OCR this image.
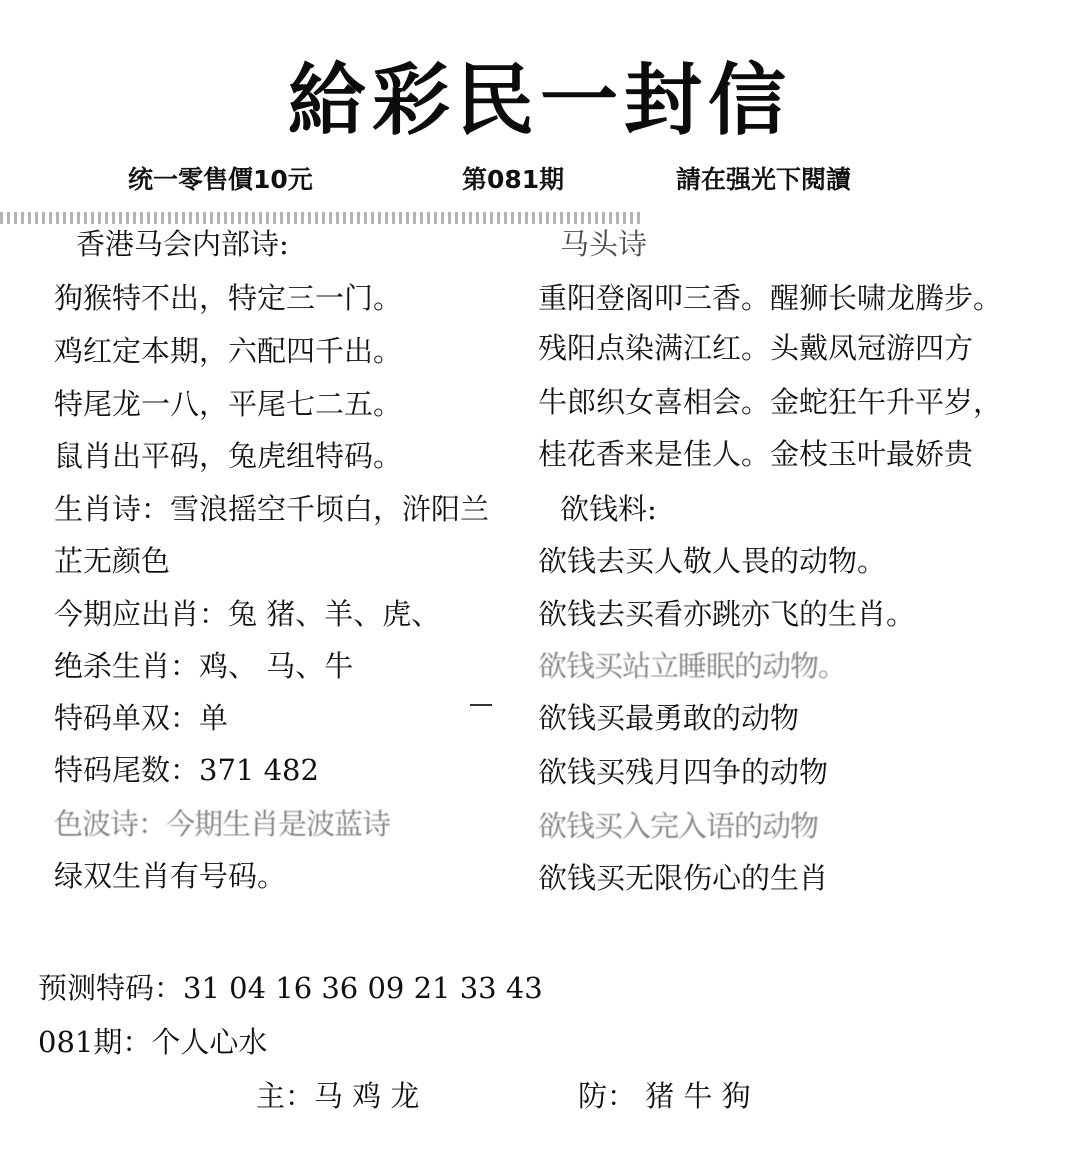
給彩民一封信
统一零售價10元	第081期	請在强光下閱讀
香港马会内部诗:
狗猴特不出，特定三一门。
鸡红定本期，六配四千出。
特尾龙一八，平尾七二五。
鼠肖出平码，兔虎组特码。
生肖诗：雪浪摇空千顷白，浒阳兰
芷无颜色
今期应出肖：兔 猪、羊、虎、
绝杀生肖：鸡、 马、牛
特码单双：单
特码尾数：371 482
色波诗：今期生肖是波蓝诗
绿双生肖有号码。
马头诗
重阳登阁叩三香。醒狮长啸龙腾步。
残阳点染满江红。头戴凤冠游四方
牛郎织女喜相会。金蛇狂午升平岁，
桂花香来是佳人。金枝玉叶最娇贵
欲钱料:
欲钱去买人敬人畏的动物。
欲钱去买看亦跳亦飞的生肖。
欲钱买站立睡眠的动物。
欲钱买最勇敢的动物
欲钱买残月四争的动物
欲钱买入完入语的动物
欲钱买无限伤心的生肖
预测特码：31 04 16 36 09 21 33 43
081期：个人心水
主：马 鸡 龙	防： 猪 牛 狗
